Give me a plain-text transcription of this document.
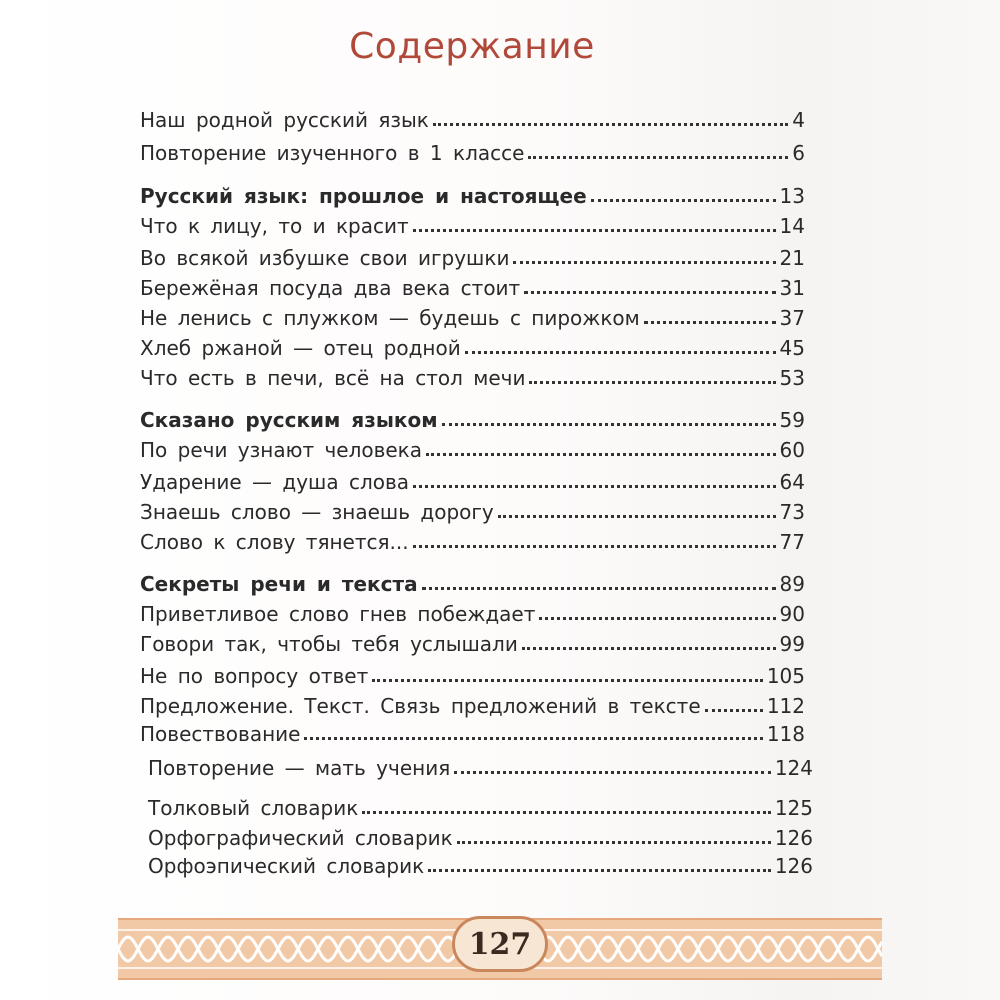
Содержание
Наш родной русский язык	4
Повторение изученного в 1 классе	6
Русский язык: прошлое и настоящее	13
Что к лицу, то и красит	14
Во всякой избушке свои игрушки	21
Бережёная посуда два века стоит	31
Не ленись с плужком — будешь с пирожком	37
Хлеб ржаной — отец родной	45
Что есть в печи, всё на стол мечи	53
Сказано русским языком	59
По речи узнают человека	60
Ударение — душа слова	64
Знаешь слово — знаешь дорогу	73
Слово к слову тянется...	77
Секреты речи и текста	89
Приветливое слово гнев побеждает	90
Говори так, чтобы тебя услышали	99
Не по вопросу ответ	105
Предложение. Текст. Связь предложений в тексте	112
Повествование	118
Повторение — мать учения	124
Толковый словарик	125
Орфографический словарик	126
Орфоэпический словарик	126
127
